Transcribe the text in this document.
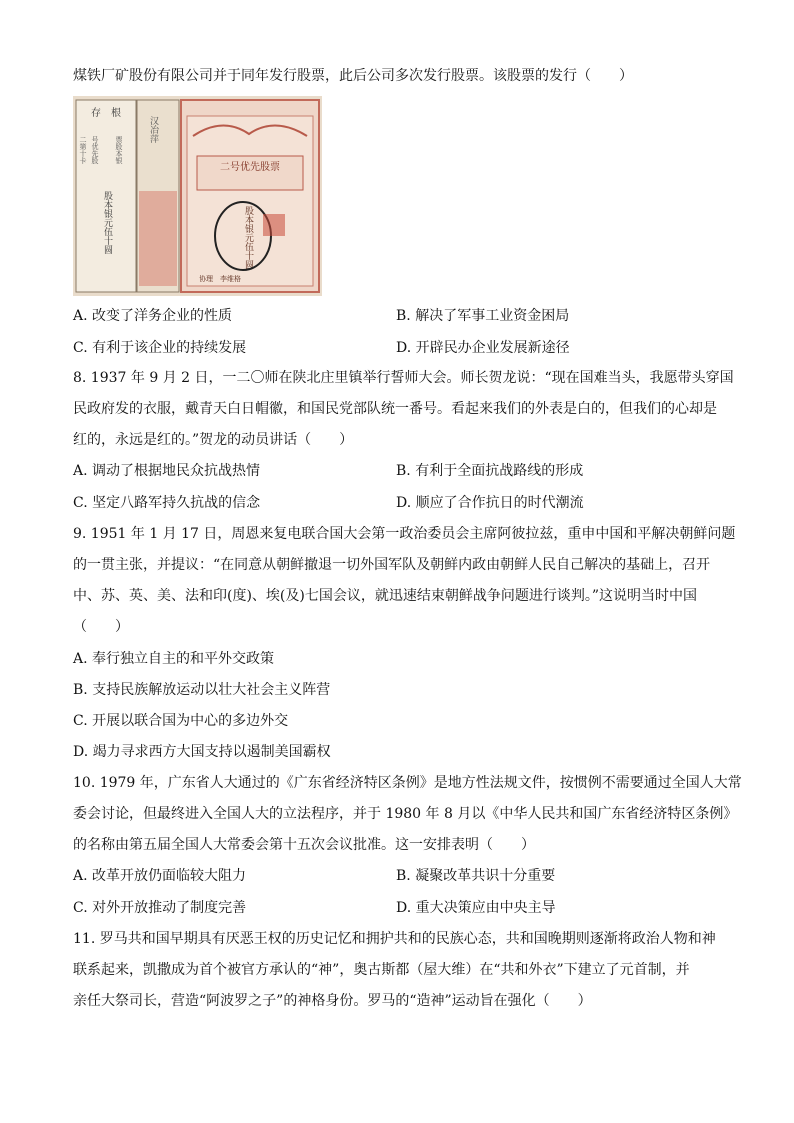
煤铁厂矿股份有限公司并于同年发行股票，此后公司多次发行股票。该股票的发行（　　）
存　根
二第十卡 号优先股 票股本银
股本银元伍十圆
汉冶萍
二号优先股票
股本银元伍十圆
协理　李维格
A. 改变了洋务企业的性质	B. 解决了军事工业资金困局
C. 有利于该企业的持续发展	D. 开辟民办企业发展新途径
8. 1937 年 9 月 2 日，一二〇师在陕北庄里镇举行誓师大会。师长贺龙说：“现在国难当头，我愿带头穿国
民政府发的衣服，戴青天白日帽徽，和国民党部队统一番号。看起来我们的外表是白的，但我们的心却是
红的，永远是红的。”贺龙的动员讲话（　　）
A. 调动了根据地民众抗战热情	B. 有利于全面抗战路线的形成
C. 坚定八路军持久抗战的信念	D. 顺应了合作抗日的时代潮流
9. 1951 年 1 月 17 日，周恩来复电联合国大会第一政治委员会主席阿彼拉兹，重申中国和平解决朝鲜问题
的一贯主张，并提议：“在同意从朝鲜撤退一切外国军队及朝鲜内政由朝鲜人民自己解决的基础上，召开
中、苏、英、美、法和印(度)、埃(及)七国会议，就迅速结束朝鲜战争问题进行谈判。”这说明当时中国
（　　）
A. 奉行独立自主的和平外交政策
B. 支持民族解放运动以壮大社会主义阵营
C. 开展以联合国为中心的多边外交
D. 竭力寻求西方大国支持以遏制美国霸权
10. 1979 年，广东省人大通过的《广东省经济特区条例》是地方性法规文件，按惯例不需要通过全国人大常
委会讨论，但最终进入全国人大的立法程序，并于 1980 年 8 月以《中华人民共和国广东省经济特区条例》
的名称由第五届全国人大常委会第十五次会议批准。这一安排表明（　　）
A. 改革开放仍面临较大阻力	B. 凝聚改革共识十分重要
C. 对外开放推动了制度完善	D. 重大决策应由中央主导
11. 罗马共和国早期具有厌恶王权的历史记忆和拥护共和的民族心态，共和国晚期则逐渐将政治人物和神
联系起来，凯撒成为首个被官方承认的“神”，奥古斯都（屋大维）在“共和外衣”下建立了元首制，并
亲任大祭司长，营造“阿波罗之子”的神格身份。罗马的“造神”运动旨在强化（　　）
